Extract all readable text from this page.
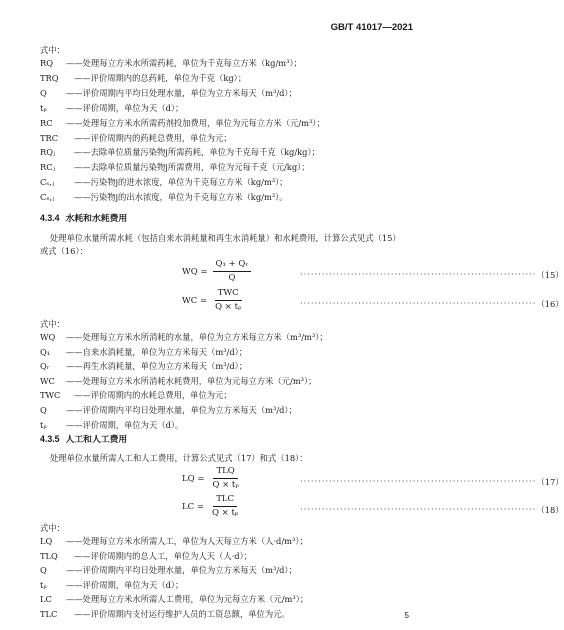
GB/T 41017—2021
式中：
RQ ——处理每立方米水所需药耗，单位为千克每立方米（kg/m³）；
TRQ ——评价周期内的总药耗，单位为千克（kg）；
Q ——评价周期内平均日处理水量，单位为立方米每天（m³/d）；
tₚ ——评价周期，单位为天（d）；
RC ——处理每立方米水所需药剂投加费用，单位为元每立方米（元/m³）；
TRC ——评价周期内的药耗总费用，单位为元；
RQⱼ ——去除单位质量污染物j所需药耗，单位为千克每千克（kg/kg）；
RCⱼ ——去除单位质量污染物j所需费用，单位为元每千克（元/kg）；
Cₛ,ⱼ ——污染物j的进水浓度，单位为千克每立方米（kg/m³）；
Cₑ,ⱼ ——污染物j的出水浓度，单位为千克每立方米（kg/m³）。
4.3.4 水耗和水耗费用
处理单位水量所需水耗（包括自来水消耗量和再生水消耗量）和水耗费用，计算公式见式（15）
或式（16）：
WQ = $\frac{\text{Q₁ + Qᵣ}}{Q}$	································································· （15）
WC = $\frac{\text{TWC}}{\text{Q × tₚ}}$	································································· （16）
式中：
WQ ——处理每立方米水所消耗的水量，单位为立方米每立方米（m³/m³）；
Q₁ ——自来水消耗量，单位为立方米每天（m³/d）；
Qᵣ ——再生水消耗量，单位为立方米每天（m³/d）；
WC ——处理每立方米水所消耗水耗费用，单位为元每立方米（元/m³）；
TWC ——评价周期内的水耗总费用，单位为元；
Q ——评价周期内平均日处理水量，单位为立方米每天（m³/d）；
tₚ ——评价周期，单位为天（d）。
4.3.5 人工和人工费用
处理单位水量所需人工和人工费用，计算公式见式（17）和式（18）：
LQ = $\frac{\text{TLQ}}{\text{Q × tₚ}}$	································································· （17）
LC = $\frac{\text{TLC}}{\text{Q × tₚ}}$	································································· （18）
式中：
LQ ——处理每立方米水所需人工，单位为人天每立方米（人·d/m³）；
TLQ ——评价周期内的总人工，单位为人天（人·d）；
Q ——评价周期内平均日处理水量，单位为立方米每天（m³/d）；
tₚ ——评价周期，单位为天（d）；
LC ——处理每立方米水所需人工费用，单位为元每立方米（元/m³）；
TLC ——评价周期内支付运行维护人员的工资总额，单位为元。	5
